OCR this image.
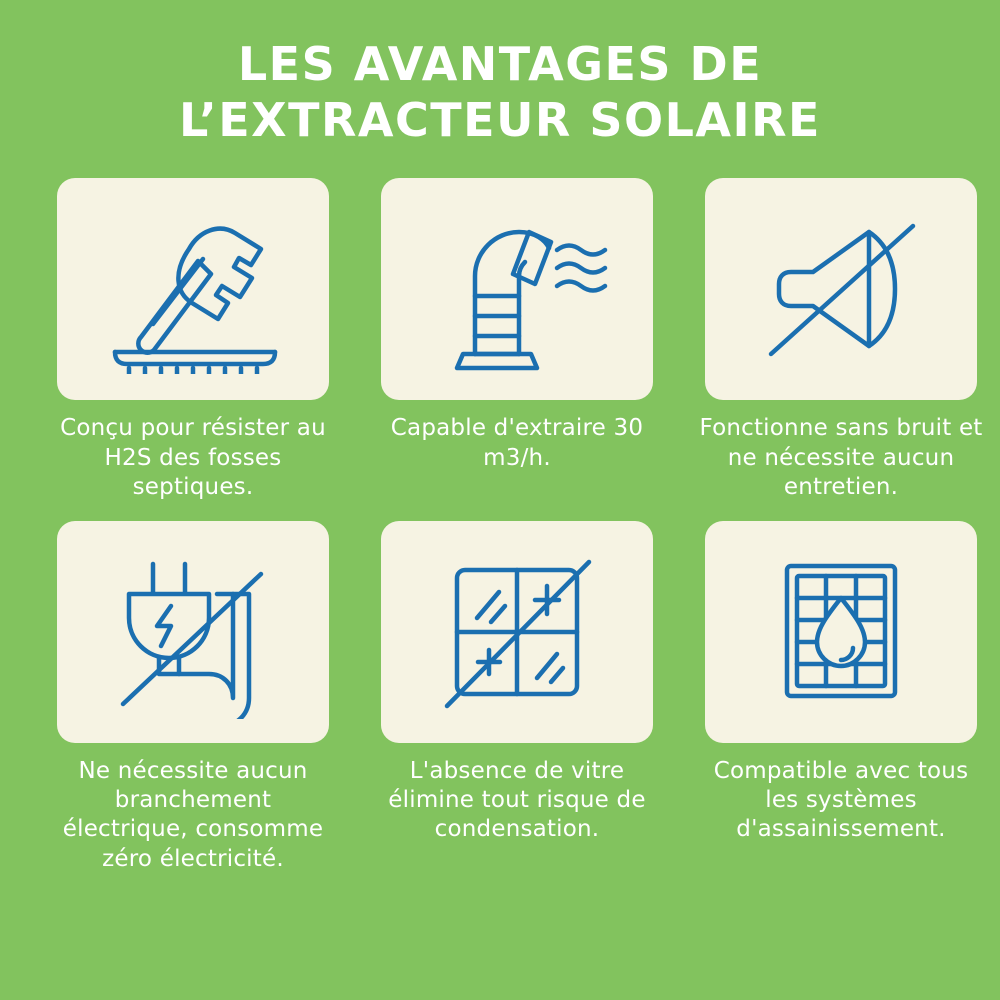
LES AVANTAGES DE
L’EXTRACTEUR SOLAIRE
Conçu pour résister au H2S des fosses septiques.
Capable d'extraire 30 m3/h.
Fonctionne sans bruit et ne nécessite aucun entretien.
Ne nécessite aucun branchement électrique, consomme zéro électricité.
L'absence de vitre élimine tout risque de condensation.
Compatible avec tous les systèmes d'assainissement.
